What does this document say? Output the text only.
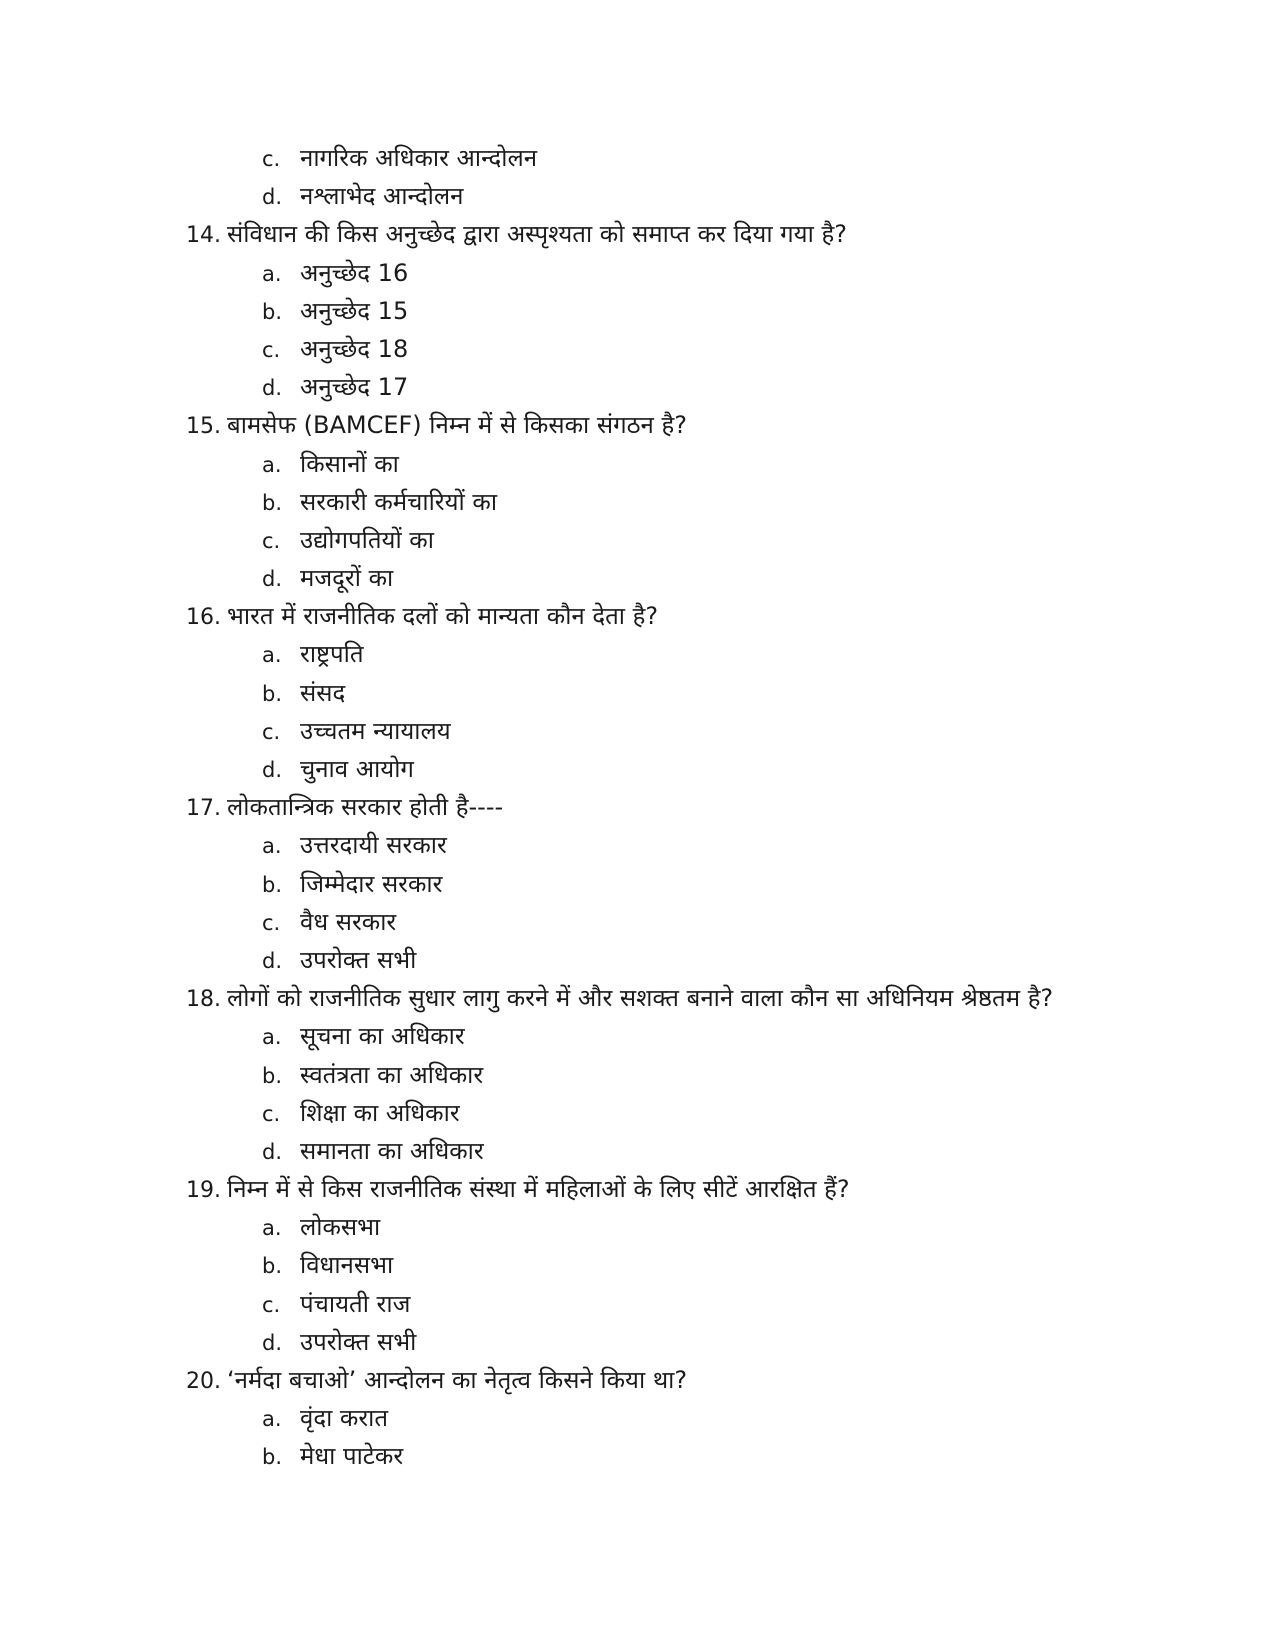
c. नागरिक अधिकार आन्दोलन
d. नश्लाभेद आन्दोलन
14. संविधान की किस अनुच्छेद द्वारा अस्पृश्यता को समाप्त कर दिया गया है?
a. अनुच्छेद 16
b. अनुच्छेद 15
c. अनुच्छेद 18
d. अनुच्छेद 17
15. बामसेफ (BAMCEF) निम्न में से किसका संगठन है?
a. किसानों का
b. सरकारी कर्मचारियों का
c. उद्योगपतियों का
d. मजदूरों का
16. भारत में राजनीतिक दलों को मान्यता कौन देता है?
a. राष्ट्रपति
b. संसद
c. उच्चतम न्यायालय
d. चुनाव आयोग
17. लोकतान्त्रिक सरकार होती है----
a. उत्तरदायी सरकार
b. जिम्मेदार सरकार
c. वैध सरकार
d. उपरोक्त सभी
18. लोगों को राजनीतिक सुधार लागु करने में और सशक्त बनाने वाला कौन सा अधिनियम श्रेष्ठतम है?
a. सूचना का अधिकार
b. स्वतंत्रता का अधिकार
c. शिक्षा का अधिकार
d. समानता का अधिकार
19. निम्न में से किस राजनीतिक संस्था में महिलाओं के लिए सीटें आरक्षित हैं?
a. लोकसभा
b. विधानसभा
c. पंचायती राज
d. उपरोक्त सभी
20. ‘नर्मदा बचाओ’ आन्दोलन का नेतृत्व किसने किया था?
a. वृंदा करात
b. मेधा पाटेकर
